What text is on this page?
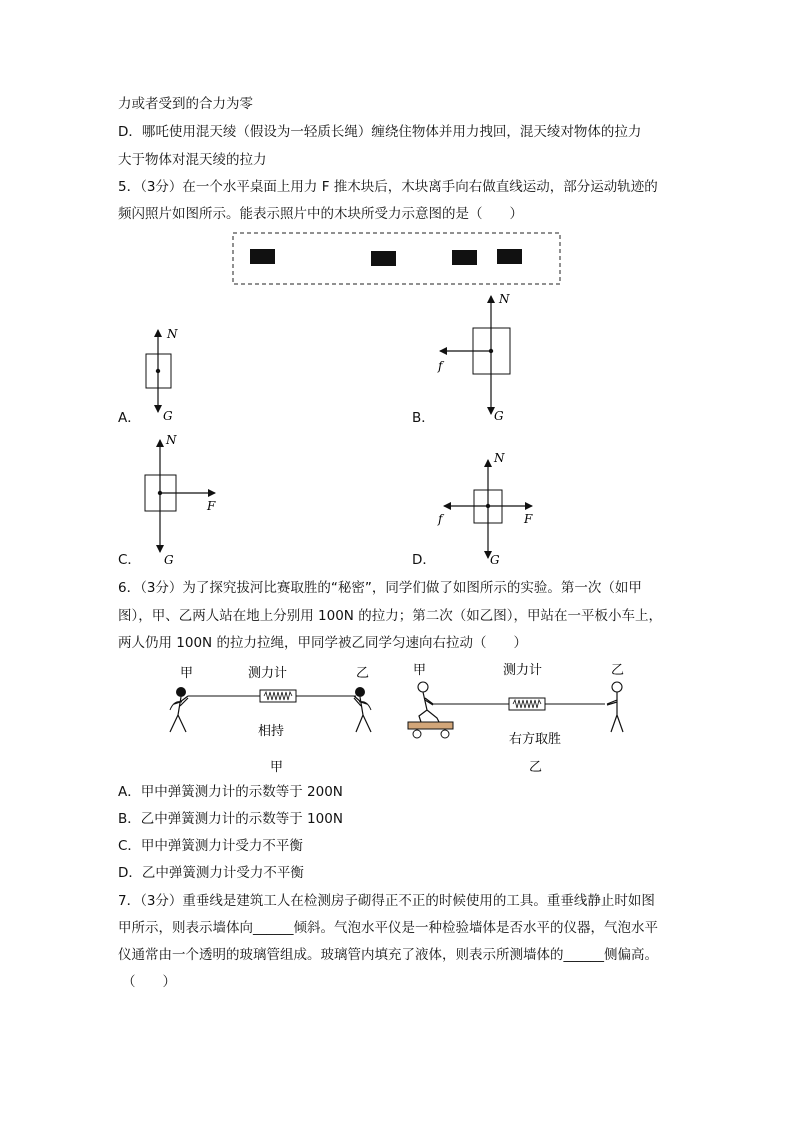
力或者受到的合力为零
D．哪吒使用混天绫（假设为一轻质长绳）缠绕住物体并用力拽回，混天绫对物体的拉力
大于物体对混天绫的拉力
5．（3分）在一个水平桌面上用力 F 推木块后，木块离手向右做直线运动，部分运动轨迹的
频闪照片如图所示。能表示照片中的木块所受力示意图的是（　　）
A．
N
G	B．
N
f
G
C．
N
F
G	D．
N
f	F
G
6．（3分）为了探究拔河比赛取胜的“秘密”，同学们做了如图所示的实验。第一次（如甲
图），甲、乙两人站在地上分别用 100N 的拉力；第二次（如乙图），甲站在一平板小车上，
两人仍用 100N 的拉力拉绳，甲同学被乙同学匀速向右拉动（　　）
甲	测力计	乙
相持
甲
甲	测力计	乙
右方取胜
乙
A．甲中弹簧测力计的示数等于 200N
B．乙中弹簧测力计的示数等于 100N
C．甲中弹簧测力计受力不平衡
D．乙中弹簧测力计受力不平衡
7．（3分）重垂线是建筑工人在检测房子砌得正不正的时候使用的工具。重垂线静止时如图
甲所示，则表示墙体向______倾斜。气泡水平仪是一种检验墙体是否水平的仪器，气泡水平
仪通常由一个透明的玻璃管组成。玻璃管内填充了液体，则表示所测墙体的______侧偏高。
（　　）
